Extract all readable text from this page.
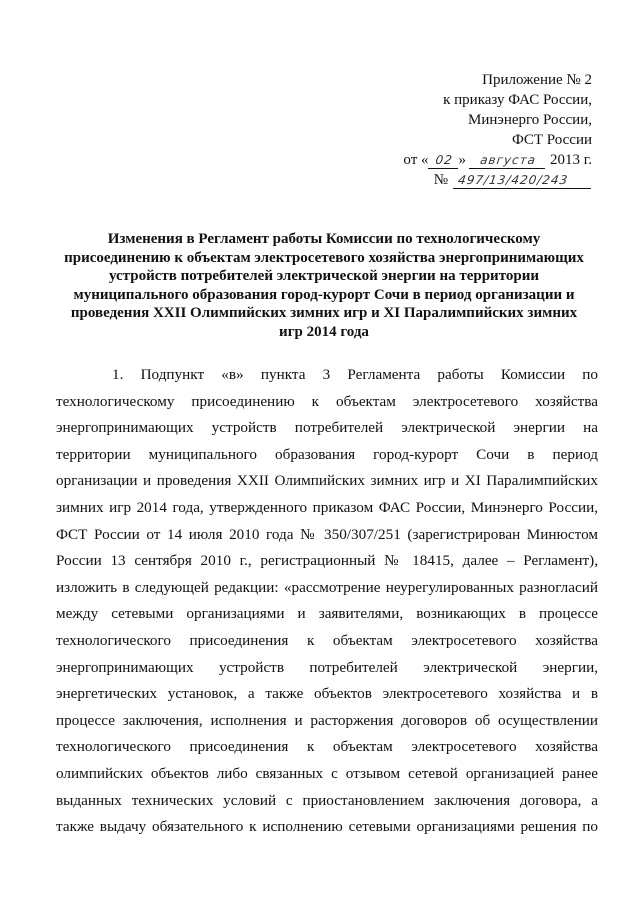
Приложение № 2
к приказу ФАС России,
Минэнерго России,
ФСТ России
от « 02 » августа 2013 г.
№ 497/13/420/243
Изменения в Регламент работы Комиссии по технологическому
присоединению к объектам электросетевого хозяйства энергопринимающих
устройств потребителей электрической энергии на территории
муниципального образования город-курорт Сочи в период организации и
проведения XXII Олимпийских зимних игр и XI Паралимпийских зимних
игр 2014 года
1. Подпункт «в» пункта 3 Регламента работы Комиссии по
технологическому присоединению к объектам электросетевого хозяйства
энергопринимающих устройств потребителей электрической энергии на
территории муниципального образования город-курорт Сочи в период
организации и проведения XXII Олимпийских зимних игр и XI Паралимпийских
зимних игр 2014 года, утвержденного приказом ФАС России, Минэнерго России,
ФСТ России от 14 июля 2010 года № 350/307/251 (зарегистрирован Минюстом
России 13 сентября 2010 г., регистрационный № 18415, далее – Регламент),
изложить в следующей редакции: «рассмотрение неурегулированных разногласий
между сетевыми организациями и заявителями, возникающих в процессе
технологического присоединения к объектам электросетевого хозяйства
энергопринимающих устройств потребителей электрической энергии,
энергетических установок, а также объектов электросетевого хозяйства и в
процессе заключения, исполнения и расторжения договоров об осуществлении
технологического присоединения к объектам электросетевого хозяйства
олимпийских объектов либо связанных с отзывом сетевой организацией ранее
выданных технических условий с приостановлением заключения договора, а
также выдачу обязательного к исполнению сетевыми организациями решения по
